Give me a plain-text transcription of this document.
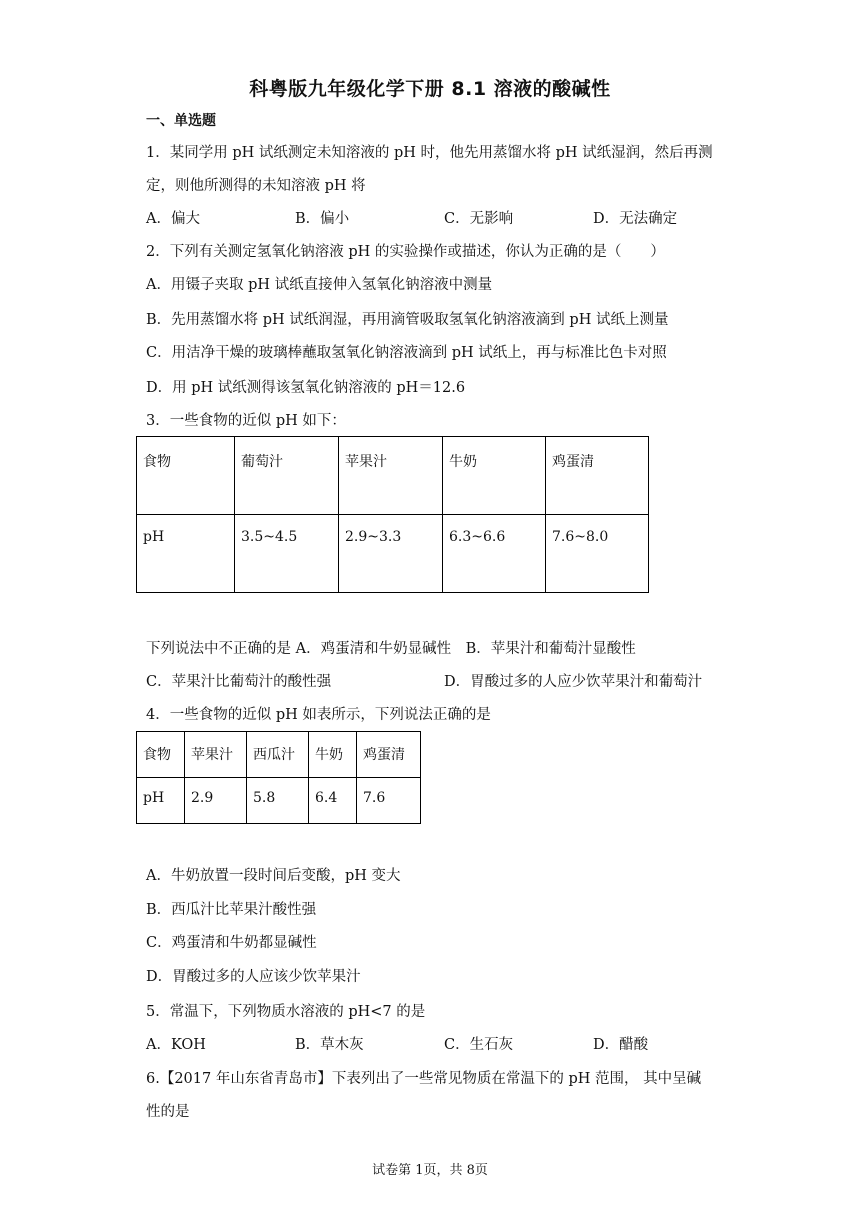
科粤版九年级化学下册 8.1 溶液的酸碱性
一、单选题
1．某同学用 pH 试纸测定未知溶液的 pH 时，他先用蒸馏水将 pH 试纸湿润，然后再测
定，则他所测得的未知溶液 pH 将
A．偏大	B．偏小	C．无影响	D．无法确定
2．下列有关测定氢氧化钠溶液 pH 的实验操作或描述，你认为正确的是（　　）
A．用镊子夹取 pH 试纸直接伸入氢氧化钠溶液中测量
B．先用蒸馏水将 pH 试纸润湿，再用滴管吸取氢氧化钠溶液滴到 pH 试纸上测量
C．用洁净干燥的玻璃棒蘸取氢氧化钠溶液滴到 pH 试纸上，再与标准比色卡对照
D．用 pH 试纸测得该氢氧化钠溶液的 pH＝12.6
3．一些食物的近似 pH 如下：
食物	葡萄汁	苹果汁	牛奶	鸡蛋清
pH	3.5~4.5	2.9~3.3	6.3~6.6	7.6~8.0
下列说法中不正确的是 A．鸡蛋清和牛奶显碱性　B．苹果汁和葡萄汁显酸性
C．苹果汁比葡萄汁的酸性强	D．胃酸过多的人应少饮苹果汁和葡萄汁
4．一些食物的近似 pH 如表所示，下列说法正确的是
食物	苹果汁	西瓜汁	牛奶	鸡蛋清
pH	2.9	5.8	6.4	7.6
A．牛奶放置一段时间后变酸，pH 变大
B．西瓜汁比苹果汁酸性强
C．鸡蛋清和牛奶都显碱性
D．胃酸过多的人应该少饮苹果汁
5．常温下，下列物质水溶液的 pH<7 的是
A．KOH	B．草木灰	C．生石灰	D．醋酸
6.【2017 年山东省青岛市】下表列出了一些常见物质在常温下的 pH 范围， 其中呈碱
性的是
试卷第 1页，共 8页
